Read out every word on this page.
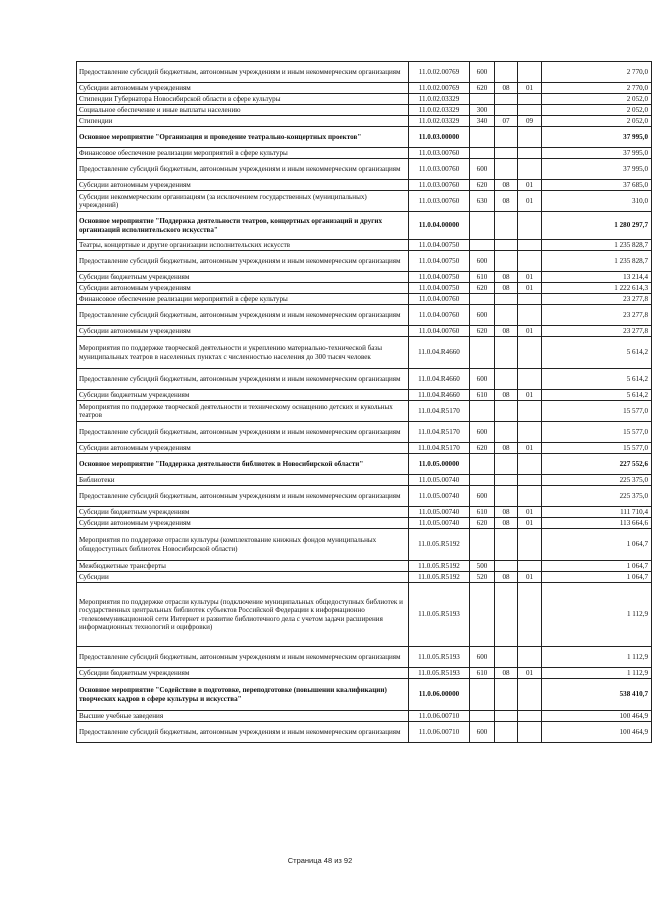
Предоставление субсидий бюджетным, автономным учреждениям и иным некоммерческим организациям	11.0.02.00769	600			2 770,0
Субсидии автономным учреждениям	11.0.02.00769	620	08	01	2 770,0
Стипендии Губернатора Новосибирской области в сфере культуры	11.0.02.03329				2 052,0
Социальное обеспечение и иные выплаты населению	11.0.02.03329	300			2 052,0
Стипендии	11.0.02.03329	340	07	09	2 052,0
Основное мероприятие "Организация и проведение театрально-концертных проектов"	11.0.03.00000				37 995,0
Финансовое обеспечение реализации мероприятий в сфере культуры	11.0.03.00760				37 995,0
Предоставление субсидий бюджетным, автономным учреждениям и иным некоммерческим организациям	11.0.03.00760	600			37 995,0
Субсидии автономным учреждениям	11.0.03.00760	620	08	01	37 685,0
Субсидии некоммерческим организациям (за исключением государственных (муниципальных) учреждений)	11.0.03.00760	630	08	01	310,0
Основное мероприятие "Поддержка деятельности театров, концертных организаций и других организаций исполнительского искусства"	11.0.04.00000				1 280 297,7
Театры, концертные и другие организации исполнительских искусств	11.0.04.00750				1 235 828,7
Предоставление субсидий бюджетным, автономным учреждениям и иным некоммерческим организациям	11.0.04.00750	600			1 235 828,7
Субсидии бюджетным учреждениям	11.0.04.00750	610	08	01	13 214,4
Субсидии автономным учреждениям	11.0.04.00750	620	08	01	1 222 614,3
Финансовое обеспечение реализации мероприятий в сфере культуры	11.0.04.00760				23 277,8
Предоставление субсидий бюджетным, автономным учреждениям и иным некоммерческим организациям	11.0.04.00760	600			23 277,8
Субсидии автономным учреждениям	11.0.04.00760	620	08	01	23 277,8
Мероприятия по поддержке творческой деятельности и укреплению материально-технической базы муниципальных театров в населенных пунктах с численностью населения до 300 тысяч человек	11.0.04.R4660				5 614,2
Предоставление субсидий бюджетным, автономным учреждениям и иным некоммерческим организациям	11.0.04.R4660	600			5 614,2
Субсидии бюджетным учреждениям	11.0.04.R4660	610	08	01	5 614,2
Мероприятия по поддержке творческой деятельности и техническому оснащению детских и кукольных театров	11.0.04.R5170				15 577,0
Предоставление субсидий бюджетным, автономным учреждениям и иным некоммерческим организациям	11.0.04.R5170	600			15 577,0
Субсидии автономным учреждениям	11.0.04.R5170	620	08	01	15 577,0
Основное мероприятие "Поддержка деятельности библиотек в Новосибирской области"	11.0.05.00000				227 552,6
Библиотеки	11.0.05.00740				225 375,0
Предоставление субсидий бюджетным, автономным учреждениям и иным некоммерческим организациям	11.0.05.00740	600			225 375,0
Субсидии бюджетным учреждениям	11.0.05.00740	610	08	01	111 710,4
Субсидии автономным учреждениям	11.0.05.00740	620	08	01	113 664,6
Мероприятия по поддержке отрасли культуры (комплектование книжных фондов муниципальных общедоступных библиотек Новосибирской области)	11.0.05.R5192				1 064,7
Межбюджетные трансферты	11.0.05.R5192	500			1 064,7
Субсидии	11.0.05.R5192	520	08	01	1 064,7
Мероприятия по поддержке отрасли культуры (подключение муниципальных общедоступных библиотек и государственных центральных библиотек субъектов Российской Федерации к информационно -телекоммуникационной сети Интернет и развитие библиотечного дела с учетом задачи расширения информационных технологий и оцифровки)	11.0.05.R5193				1 112,9
Предоставление субсидий бюджетным, автономным учреждениям и иным некоммерческим организациям	11.0.05.R5193	600			1 112,9
Субсидии бюджетным учреждениям	11.0.05.R5193	610	08	01	1 112,9
Основное мероприятие "Содействие в подготовке, переподготовке (повышении квалификации) творческих кадров в сфере культуры и искусства"	11.0.06.00000				538 410,7
Высшие учебные заведения	11.0.06.00710				100 464,9
Предоставление субсидий бюджетным, автономным учреждениям и иным некоммерческим организациям	11.0.06.00710	600			100 464,9
Страница 48 из 92
